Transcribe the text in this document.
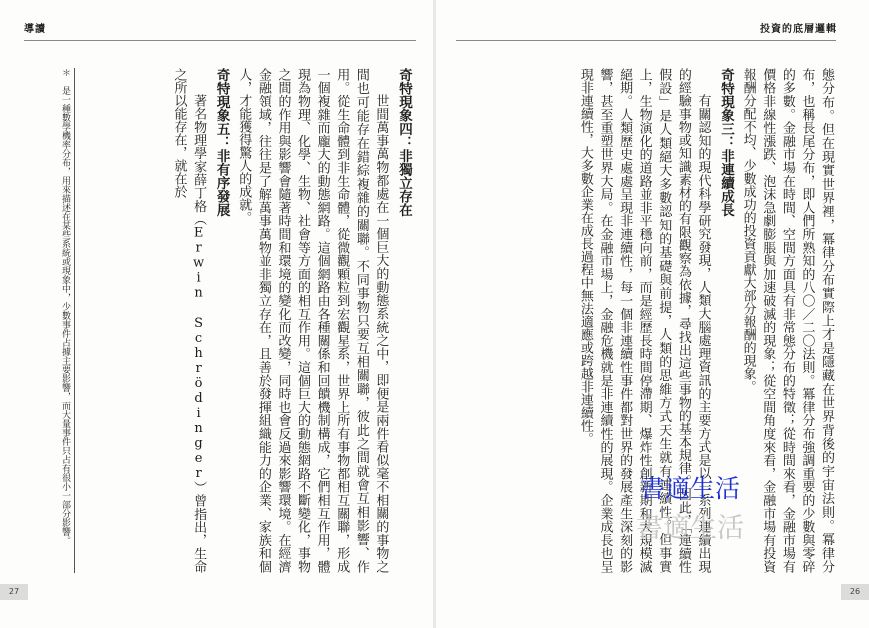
導讀

奇特現象四：非獨立存在

世間萬事萬物都處在一個巨大的動態系統之中，即便是兩件看似毫不相關的事物之間也可能存在錯綜複雜的關聯。不同事物只要互相關聯，彼此之間就會互相影響、作用。從生命體到非生命體，從微觀顆粒到宏觀星系，世界上所有事物都相互關聯，形成一個複雜而龐大的動態網路。這個網路由各種關係和回饋機制構成，它們相互作用，體現為物理、化學、生物、社會等方面的相互作用。這個巨大的動態網路不斷變化，事物之間的作用與影響會隨著時間和環境的變化而改變，同時也會反過來影響環境。在經濟金融領域，往往是了解萬事萬物並非獨立存在，且善於發揮組織能力的企業、家族和個人，才能獲得驚人的成就。

奇特現象五：非有序發展

著名物理學家薛丁格（Erwin Schrödinger）曾指出，生命之所以能存在，就在於

＊　是一種數學機率分布，用來描述在某些系統或現象中，少數事件占據主要影響，而大量事件只占有很小一部分影響。

27
投資的底層邏輯

態分布。但在現實世界裡，冪律分布實際上才是隱藏在世界背後的宇宙法則。冪律分布，也稱長尾分布，即人們所熟知的八〇／二〇法則。冪律分布強調重要的少數與零碎的多數。金融市場在時間、空間方面具有非常態分布的特徵；從時間來看，金融市場有價格非線性漲跌、泡沫急劇膨脹與加速破滅的現象；從空間角度來看，金融市場有投資報酬分配不均、少數成功的投資貢獻大部分報酬的現象。

奇特現象三：非連續成長

有關認知的現代科學研究發現，人類大腦處理資訊的主要方式是以一系列連續出現的經驗事物或知識素材的有限觀察為依據，尋找出這些事物的基本規律。因此，「連續性假設」是人類絕大多數認知的基礎與前提，人類的思維方式天生就有連續性。但事實上，生物演化的道路並非平穩向前，而是經歷長時間停滯期、爆炸性創新期和大規模滅絕期。人類歷史處處呈現非連續性，每一個非連續性事件都對世界的發展產生深刻的影響，甚至重塑世界大局。在金融市場上，金融危機就是非連續性的展現。企業成長也呈現非連續性，大多數企業在成長過程中無法適應或跨越非連續性。

26
書適生活
書適生活
